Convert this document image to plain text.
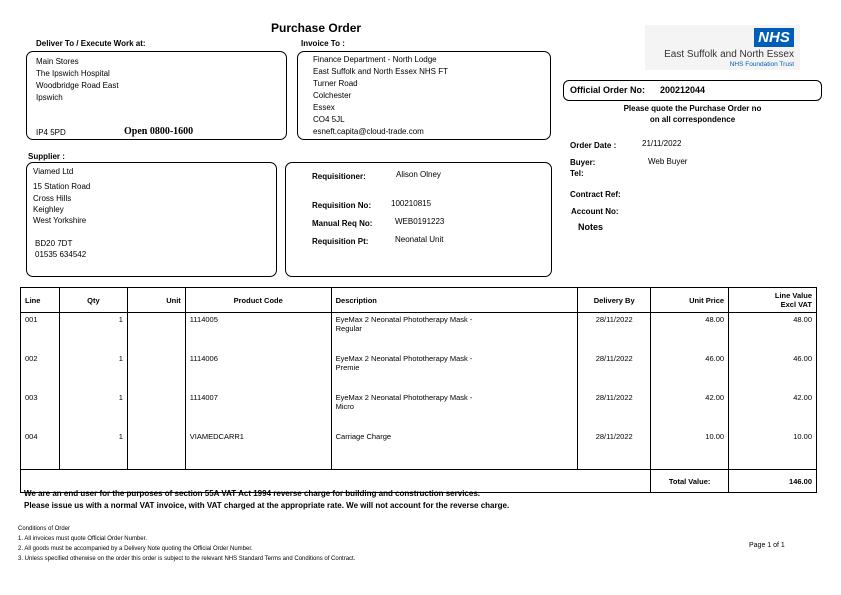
Purchase Order
NHS
East Suffolk and North Essex
NHS Foundation Trust
Deliver To / Execute Work at:
Main Stores
The Ipswich Hospital
Woodbridge Road East
Ipswich
IP4 5PD	Open 0800-1600
Invoice To :
Finance Department - North Lodge
East Suffolk and North Essex NHS FT
Turner Road
Colchester
Essex
CO4 5JL
esneft.capita@cloud-trade.com
Official Order No: 200212044
Please quote the Purchase Order no
on all correspondence
Order Date :	21/11/2022
Buyer:	Web Buyer
Tel:
Contract Ref:
Account No:
Notes
Supplier :
Viamed Ltd
15 Station Road
Cross Hills
Keighley
West Yorkshire
BD20 7DT
01535 634542
Requisitioner:	Alison Olney
Requisition No: 100210815
Manual Req No:	WEB0191223
Requisition Pt:	Neonatal Unit
Line	Qty	Unit	Product Code	Description	Delivery By	Unit Price	Line Value
Excl VAT

001	1		1114005	EyeMax 2 Neonatal Phototherapy Mask -
Regular	28/11/2022	48.00	48.00
002	1		1114006	EyeMax 2 Neonatal Phototherapy Mask -
Premie	28/11/2022	46.00	46.00
003	1		1114007	EyeMax 2 Neonatal Phototherapy Mask -
Micro	28/11/2022	42.00	42.00
004	1		VIAMEDCARR1	Carriage Charge	28/11/2022	10.00	10.00
						Total Value:	146.00
We are an end user for the purposes of section 55A VAT Act 1994 reverse charge for building and construction services.
Please issue us with a normal VAT invoice, with VAT charged at the appropriate rate. We will not account for the reverse charge.
Conditions of Order
1. All invoices must quote Official Order Number.
2. All goods must be accompanied by a Delivery Note quoting the Official Order Number.
3. Unless specified otherwise on the order this order is subject to the relevant NHS Standard Terms and Conditions of Contract.
Page 1 of 1
